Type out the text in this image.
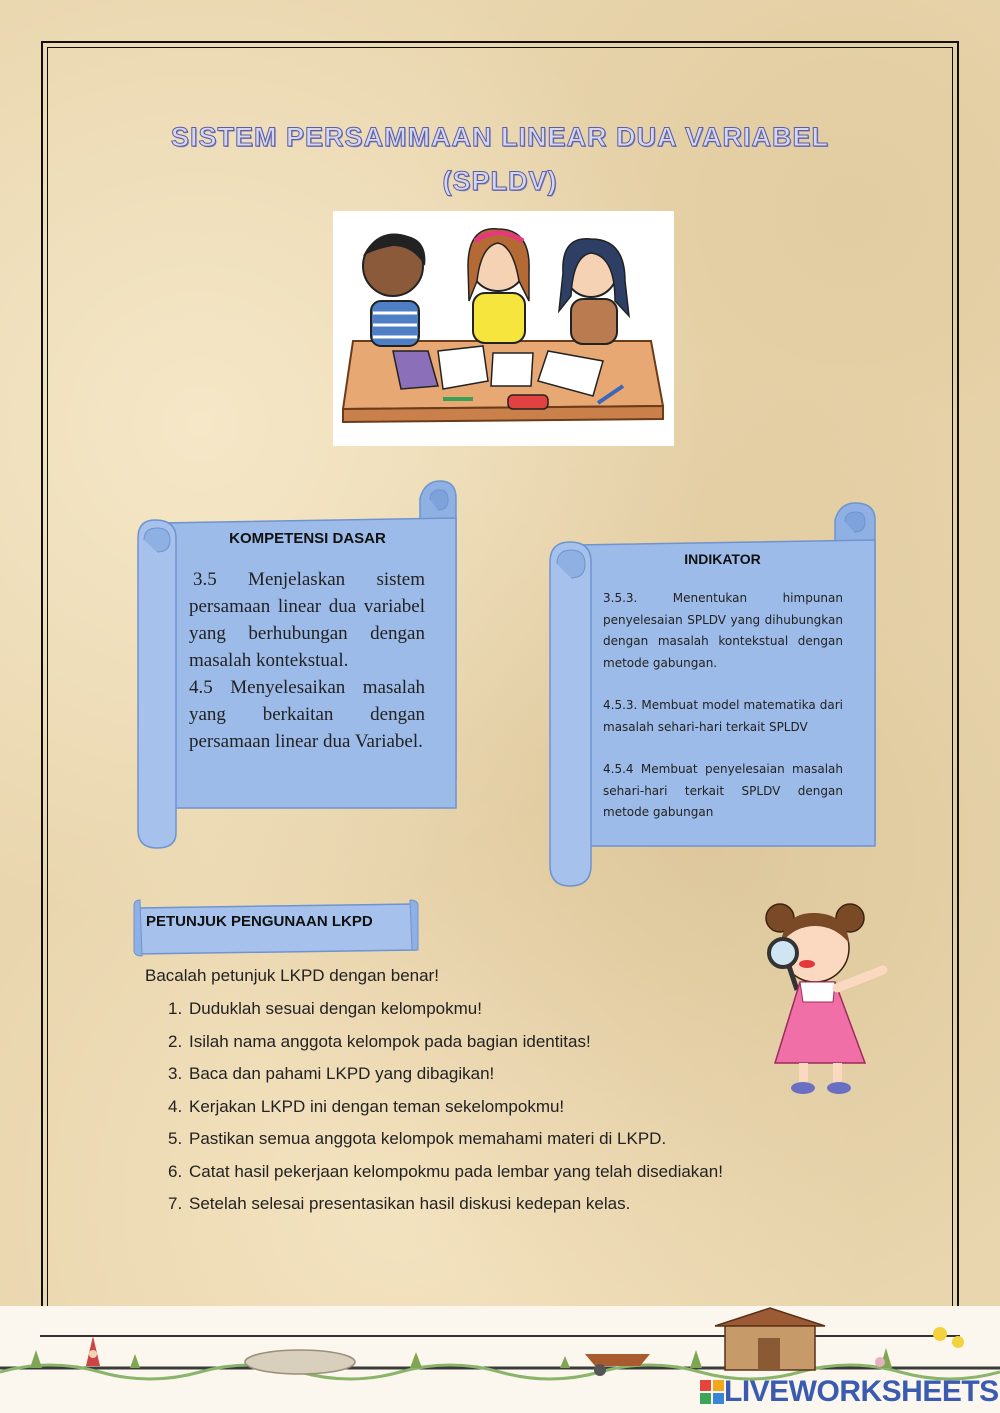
SISTEM PERSAMMAAN LINEAR DUA VARIABEL
(SPLDV)
KOMPETENSI DASAR

3.5 Menjelaskan sistem persamaan linear dua variabel yang berhubungan dengan masalah kontekstual.

4.5 Menyelesaikan masalah yang berkaitan dengan persamaan linear dua Variabel.

INDIKATOR

3.5.3. Menentukan himpunan penyelesaian SPLDV yang dihubungkan dengan masalah kontekstual dengan metode gabungan.

4.5.3. Membuat model matematika dari masalah sehari-hari terkait SPLDV

4.5.4 Membuat penyelesaian masalah sehari-hari terkait SPLDV dengan metode gabungan

PETUNJUK PENGUNAAN LKPD
Bacalah petunjuk LKPD dengan benar!
1. Duduklah sesuai dengan kelompokmu!
2. Isilah nama anggota kelompok pada bagian identitas!
3. Baca dan pahami LKPD yang dibagikan!
4. Kerjakan LKPD ini dengan teman sekelompokmu!
5. Pastikan semua anggota kelompok memahami materi di LKPD.
6. Catat hasil pekerjaan kelompokmu pada lembar yang telah disediakan!
7. Setelah selesai presentasikan hasil diskusi kedepan kelas.
LIVEWORKSHEETS
